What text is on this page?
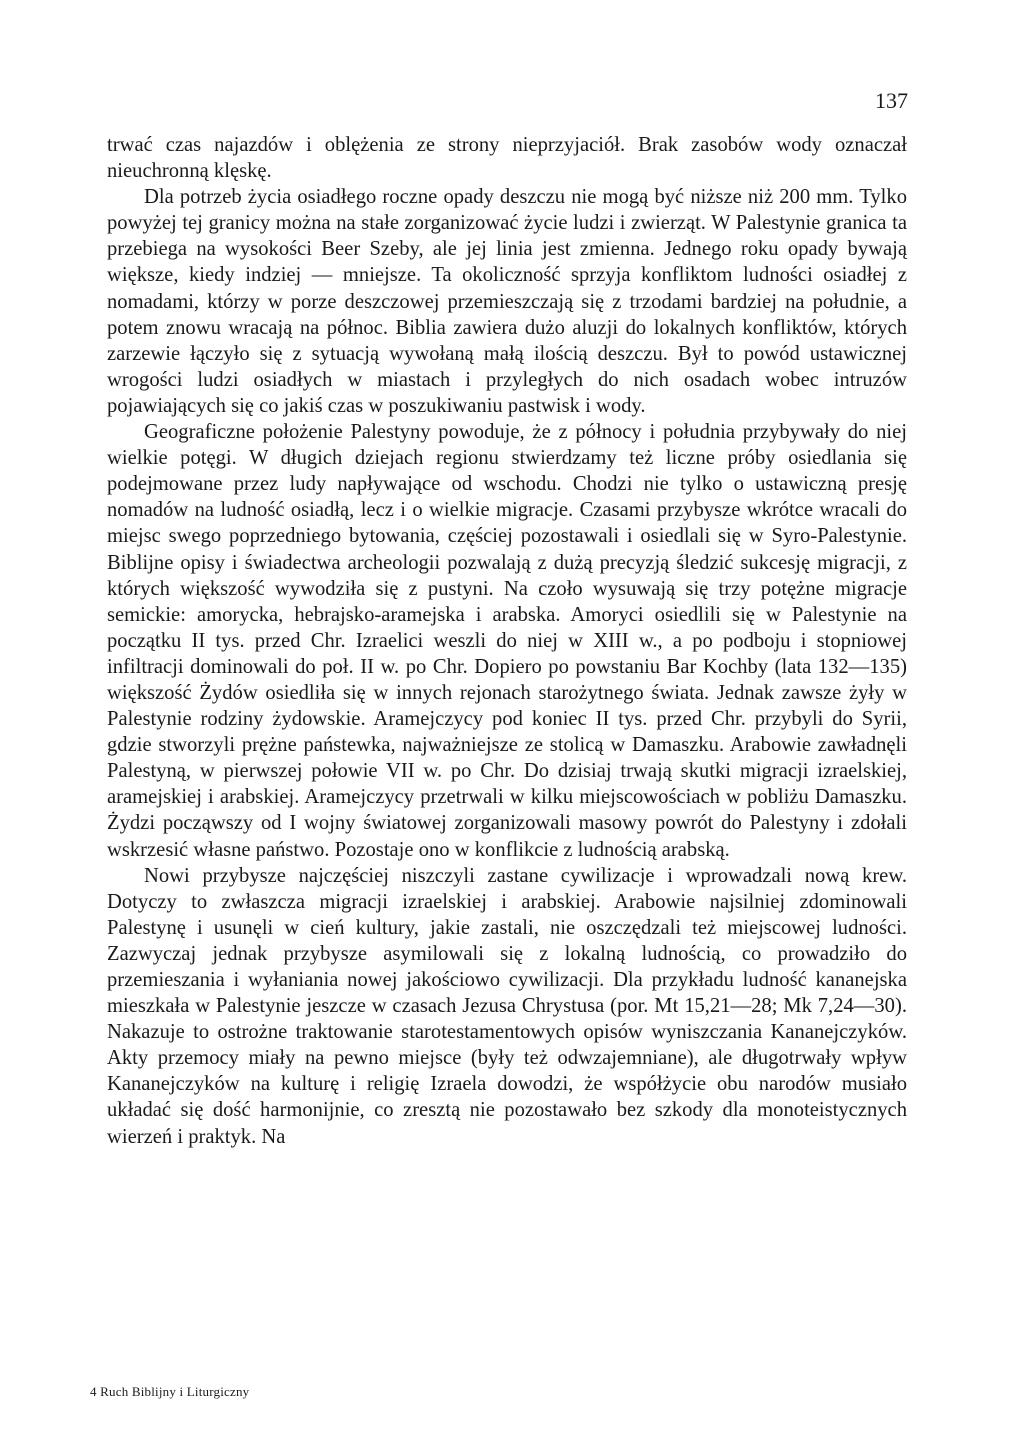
137

trwać czas najazdów i oblężenia ze strony nieprzyjaciół. Brak zasobów wody oznaczał nieuchronną klęskę.

Dla potrzeb życia osiadłego roczne opady deszczu nie mogą być niższe niż 200 mm. Tylko powyżej tej granicy można na stałe zorganizować życie ludzi i zwierząt. W Palestynie granica ta przebiega na wysokości Beer Szeby, ale jej linia jest zmienna. Jednego roku opady bywają większe, kiedy indziej — mniejsze. Ta okoliczność sprzyja konfliktom ludności osiadłej z nomadami, którzy w porze deszczowej przemieszczają się z trzodami bardziej na południe, a potem znowu wracają na północ. Biblia zawiera dużo aluzji do lokalnych konfliktów, których zarzewie łączyło się z sytuacją wywołaną małą ilością deszczu. Był to powód ustawicznej wrogości ludzi osiadłych w miastach i przyległych do nich osadach wobec intruzów pojawiających się co jakiś czas w poszukiwaniu pastwisk i wody.

Geograficzne położenie Palestyny powoduje, że z północy i południa przybywały do niej wielkie potęgi. W długich dziejach regionu stwierdzamy też liczne próby osiedlania się podejmowane przez ludy napływające od wschodu. Chodzi nie tylko o ustawiczną presję nomadów na ludność osiadłą, lecz i o wielkie migracje. Czasami przybysze wkrótce wracali do miejsc swego poprzedniego bytowania, częściej pozostawali i osiedlali się w Syro-Palestynie. Biblijne opisy i świadectwa archeologii pozwalają z dużą precyzją śledzić sukcesję migracji, z których większość wywodziła się z pustyni. Na czoło wysuwają się trzy potężne migracje semickie: amorycka, hebrajsko-aramejska i arabska. Amoryci osiedlili się w Palestynie na początku II tys. przed Chr. Izraelici weszli do niej w XIII w., a po podboju i stopniowej infiltracji dominowali do poł. II w. po Chr. Dopiero po powstaniu Bar Kochby (lata 132—135) większość Żydów osiedliła się w innych rejonach starożytnego świata. Jednak zawsze żyły w Palestynie rodziny żydowskie. Aramejczycy pod koniec II tys. przed Chr. przybyli do Syrii, gdzie stworzyli prężne państewka, najważniejsze ze stolicą w Damaszku. Arabowie zawładnęli Palestyną, w pierwszej połowie VII w. po Chr. Do dzisiaj trwają skutki migracji izraelskiej, aramejskiej i arabskiej. Aramejczycy przetrwali w kilku miejscowościach w pobliżu Damaszku. Żydzi począwszy od I wojny światowej zorganizowali masowy powrót do Palestyny i zdołali wskrzesić własne państwo. Pozostaje ono w konflikcie z ludnością arabską.

Nowi przybysze najczęściej niszczyli zastane cywilizacje i wprowadzali nową krew. Dotyczy to zwłaszcza migracji izraelskiej i arabskiej. Arabowie najsilniej zdominowali Palestynę i usunęli w cień kultury, jakie zastali, nie oszczędzali też miejscowej ludności. Zazwyczaj jednak przybysze asymilowali się z lokalną ludnością, co prowadziło do przemieszania i wyłaniania nowej jakościowo cywilizacji. Dla przykładu ludność kananejska mieszkała w Palestynie jeszcze w czasach Jezusa Chrystusa (por. Mt 15,21—28; Mk 7,24—30). Nakazuje to ostrożne traktowanie starotestamentowych opisów wyniszczania Kananejczyków. Akty przemocy miały na pewno miejsce (były też odwzajemniane), ale długotrwały wpływ Kananejczyków na kulturę i religię Izraela dowodzi, że współżycie obu narodów musiało układać się dość harmonijnie, co zresztą nie pozostawało bez szkody dla monoteistycznych wierzeń i praktyk. Na

4 Ruch Biblijny i Liturgiczny
